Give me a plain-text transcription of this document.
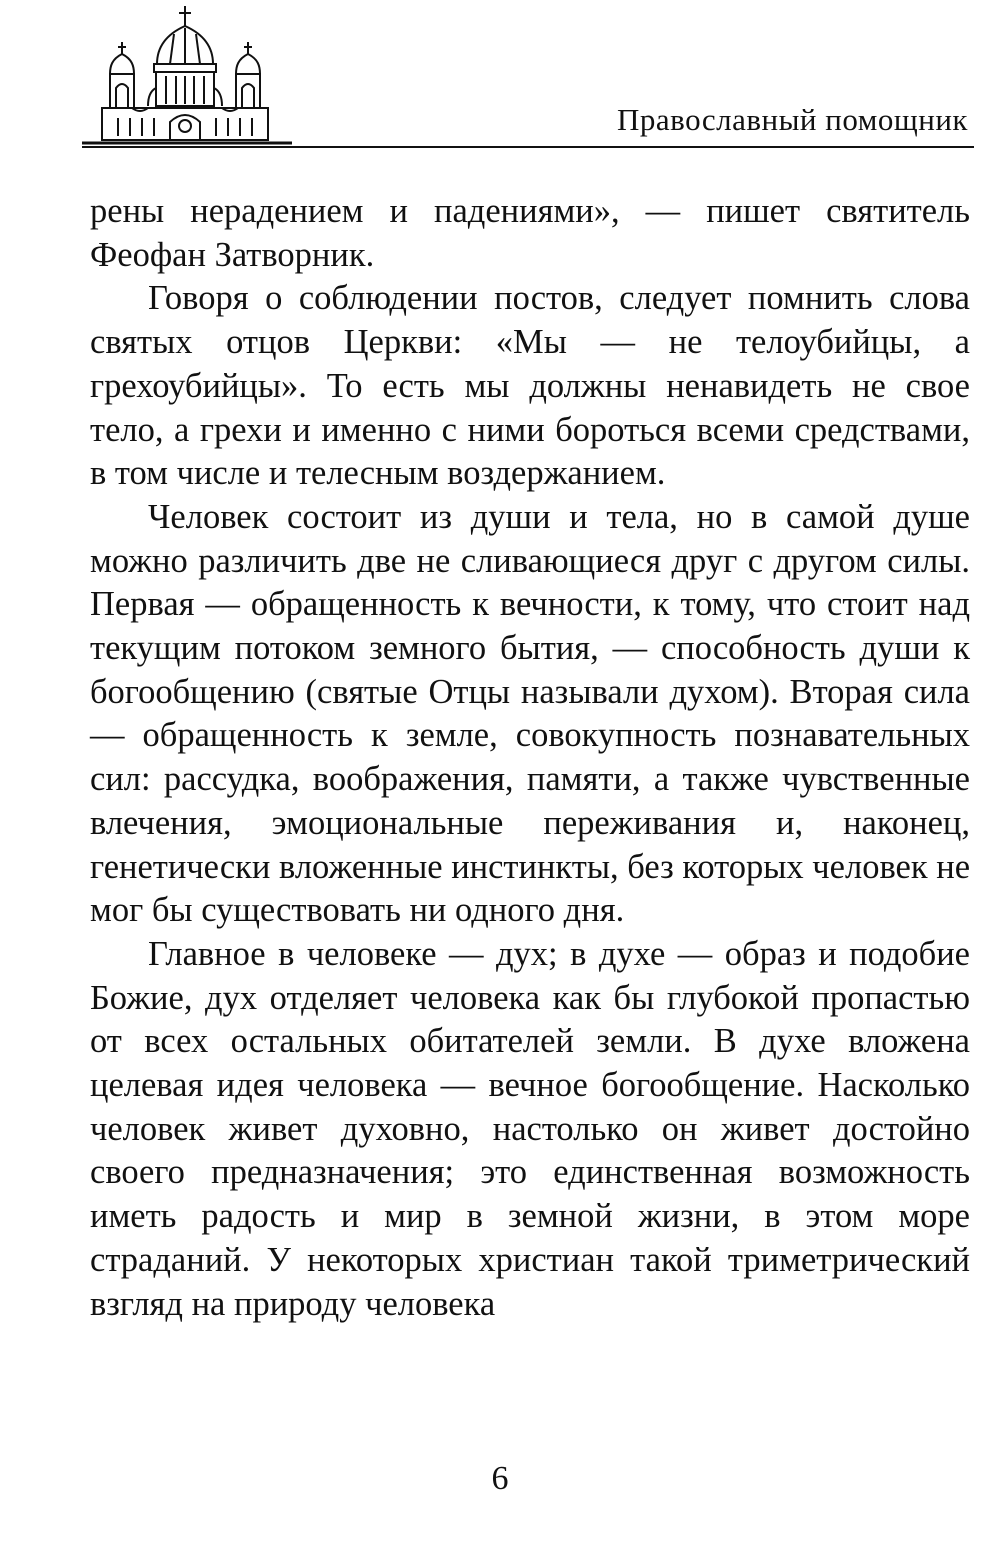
Православный помощник

рены нерадением и падениями», — пишет святитель Феофан Затворник.

Говоря о соблюдении постов, следует помнить слова святых отцов Церкви: «Мы — не телоубийцы, а грехоубийцы». То есть мы должны ненавидеть не свое тело, а грехи и именно с ними бороться всеми средствами, в том числе и телесным воздержанием.

Человек состоит из души и тела, но в самой душе можно различить две не сливающиеся друг с другом силы. Первая — обращенность к вечности, к тому, что стоит над текущим потоком земного бытия, — способность души к богообщению (святые Отцы называли духом). Вторая сила — обращенность к земле, совокупность познавательных сил: рассудка, воображения, памяти, а также чувственные влечения, эмоциональные переживания и, наконец, генетически вложенные инстинкты, без которых человек не мог бы существовать ни одного дня.

Главное в человеке — дух; в духе — образ и подобие Божие, дух отделяет человека как бы глубокой пропастью от всех остальных обитателей земли. В духе вложена целевая идея человека — вечное богообщение. Насколько человек живет духовно, настолько он живет достойно своего предназначения; это единственная возможность иметь радость и мир в земной жизни, в этом море страданий. У некоторых христиан такой триметрический взгляд на природу человека

6
